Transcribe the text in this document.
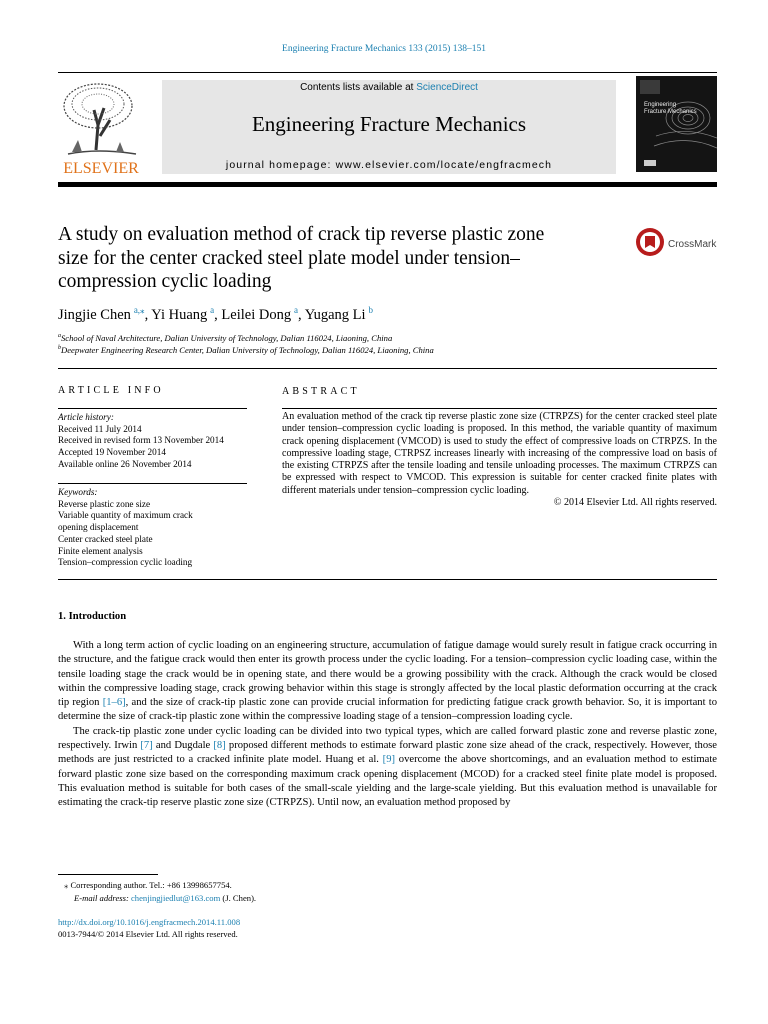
Engineering Fracture Mechanics 133 (2015) 138–151
ELSEVIER
Contents lists available at ScienceDirect
Engineering Fracture Mechanics
journal homepage: www.elsevier.com/locate/engfracmech
Engineering
Fracture Mechanics
A study on evaluation method of crack tip reverse plastic zone size for the center cracked steel plate model under tension–compression cyclic loading
CrossMark
Jingjie Chen  $^{a,⁎}$, Yi Huang  $^a$, Leilei Dong  $^a$, Yugang Li  $^b$
$^a$School of Naval Architecture, Dalian University of Technology, Dalian 116024, Liaoning, China
$^b$Deepwater Engineering Research Center, Dalian University of Technology, Dalian 116024, Liaoning, China
ARTICLE INFO
Article history:
Received 11 July 2014
Received in revised form 13 November 2014
Accepted 19 November 2014
Available online 26 November 2014
Keywords:
Reverse plastic zone size
Variable quantity of maximum crack
opening displacement
Center cracked steel plate
Finite element analysis
Tension–compression cyclic loading
ABSTRACT
An evaluation method of the crack tip reverse plastic zone size (CTRPZS) for the center cracked steel plate under tension–compression cyclic loading is proposed. In this method, the variable quantity of maximum crack opening displacement (VMCOD) is used to study the effect of compressive loads on CTRPZS. In the compressive loading stage, CTRPSZ increases linearly with increasing of the compressive load on basis of the existing CTRPZS after the tensile loading and tensile unloading processes. The maximum CTRPZS can be expressed with respect to VMCOD. This expression is suitable for center cracked finite plates with different materials under tension–compression cyclic loading.
© 2014 Elsevier Ltd. All rights reserved.
1. Introduction

With a long term action of cyclic loading on an engineering structure, accumulation of fatigue damage would surely result in fatigue crack occurring in the structure, and the fatigue crack would then enter its growth process under the cyclic loading. For a tension–compression cyclic loading case, within the tensile loading stage the crack would be in opening state, and there would be a growing possibility with the crack. Although the crack would be closed within the compressive loading stage, crack growing behavior within this stage is strongly affected by the local plastic deformation occurring at the crack tip region [1–6], and the size of crack-tip plastic zone can provide crucial information for predicting fatigue crack growth behavior. So, it is important to determine the size of crack-tip plastic zone within the compressive loading stage of a tension–compression loading cycle.

The crack-tip plastic zone under cyclic loading can be divided into two typical types, which are called forward plastic zone and reverse plastic zone, respectively. Irwin [7] and Dugdale [8] proposed different methods to estimate forward plastic zone size ahead of the crack, respectively. However, those methods are just restricted to a cracked infinite plate model. Huang et al. [9] overcome the above shortcomings, and an evaluation method to estimate forward plastic zone size based on the corresponding maximum crack opening displacement (MCOD) for a cracked steel finite plate model is proposed. This evaluation method is suitable for both cases of the small-scale yielding and the large-scale yielding. But this evaluation method is unavailable for estimating the crack-tip reserve plastic zone size (CTRPZS). Until now, an evaluation method proposed by

⁎ Corresponding author. Tel.: +86 13998657754.
E-mail address: chenjingjiedlut@163.com (J. Chen).
http://dx.doi.org/10.1016/j.engfracmech.2014.11.008
0013-7944/© 2014 Elsevier Ltd. All rights reserved.
